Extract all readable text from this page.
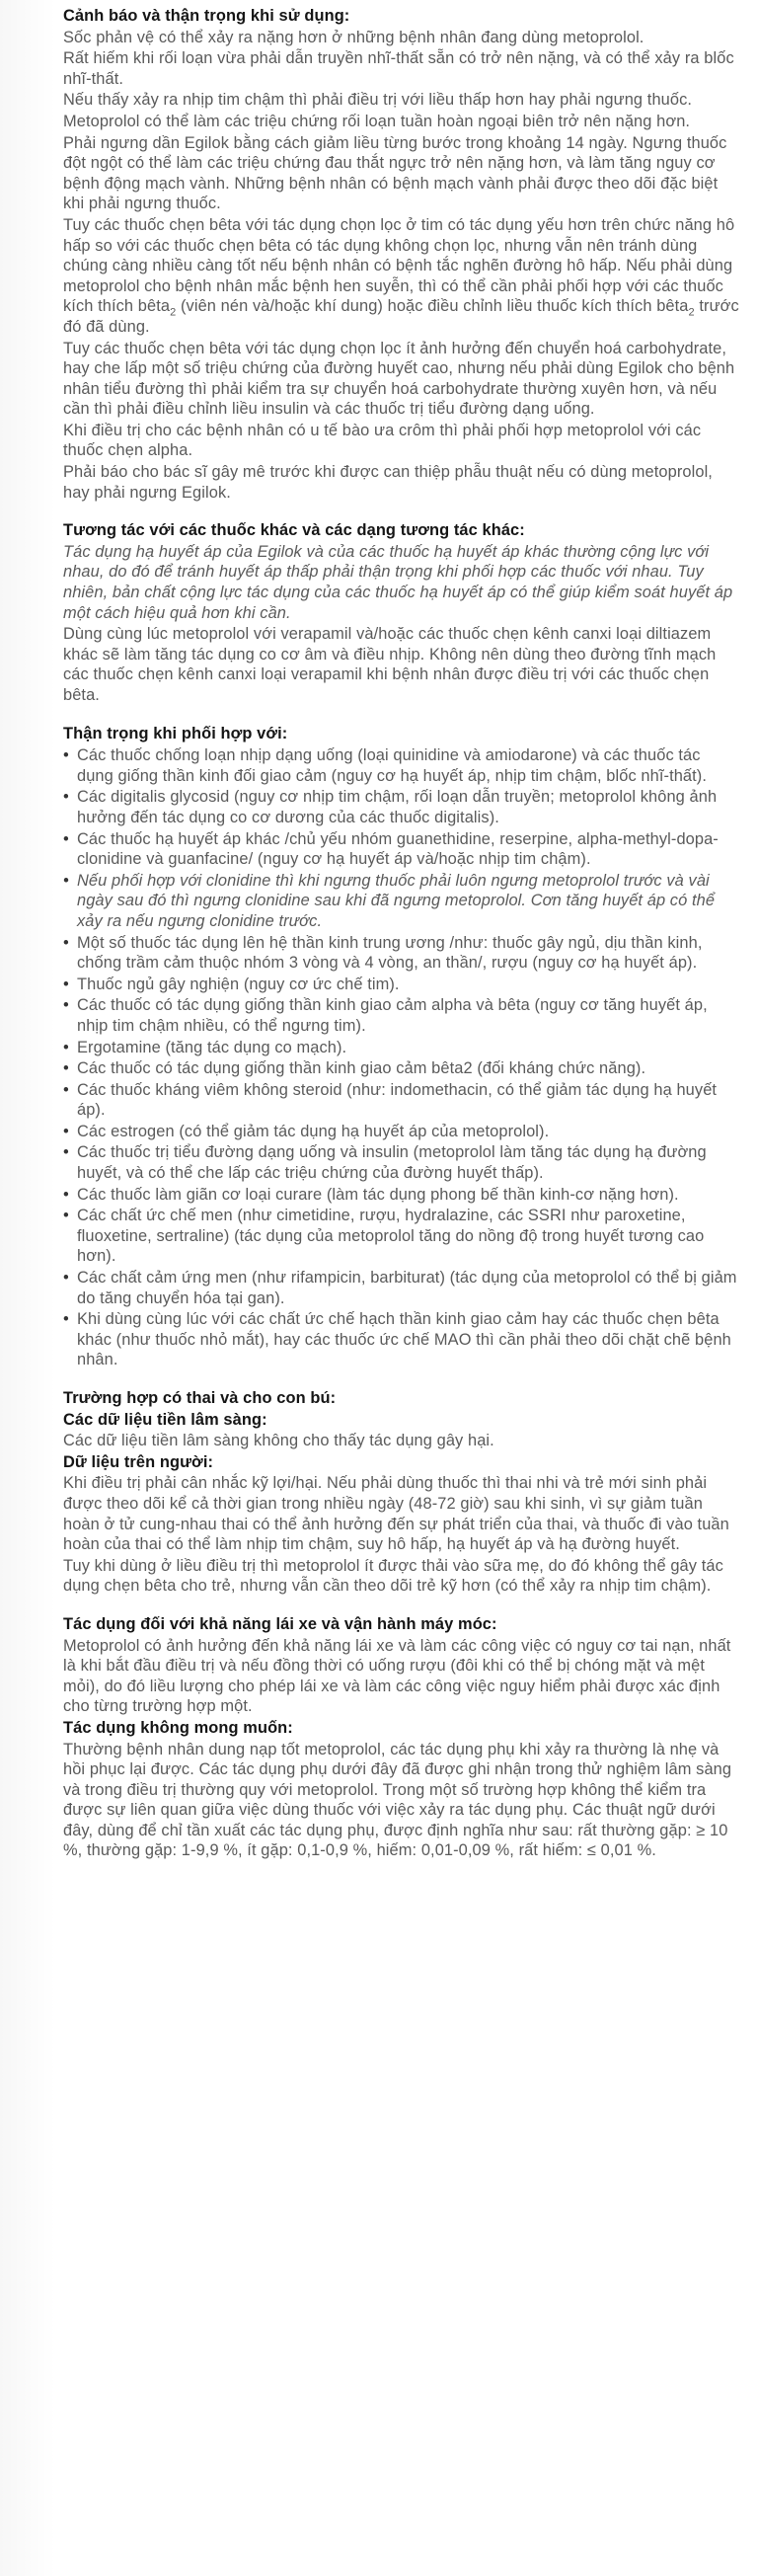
Cảnh báo và thận trọng khi sử dụng:

Sốc phản vệ có thể xảy ra nặng hơn ở những bệnh nhân đang dùng metoprolol.

Rất hiếm khi rối loạn vừa phải dẫn truyền nhĩ-thất sẵn có trở nên nặng, và có thể xảy ra blốc nhĩ-thất.

Nếu thấy xảy ra nhịp tim chậm thì phải điều trị với liều thấp hơn hay phải ngưng thuốc.

Metoprolol có thể làm các triệu chứng rối loạn tuần hoàn ngoại biên trở nên nặng hơn.

Phải ngưng dần Egilok bằng cách giảm liều từng bước trong khoảng 14 ngày. Ngưng thuốc đột ngột có thể làm các triệu chứng đau thắt ngực trở nên nặng hơn, và làm tăng nguy cơ bệnh động mạch vành. Những bệnh nhân có bệnh mạch vành phải được theo dõi đặc biệt khi phải ngưng thuốc.

Tuy các thuốc chẹn bêta với tác dụng chọn lọc ở tim có tác dụng yếu hơn trên chức năng hô hấp so với các thuốc chẹn bêta có tác dụng không chọn lọc, nhưng vẫn nên tránh dùng chúng càng nhiều càng tốt nếu bệnh nhân có bệnh tắc nghẽn đường hô hấp. Nếu phải dùng metoprolol cho bệnh nhân mắc bệnh hen suyễn, thì có thể cần phải phối hợp với các thuốc kích thích bêta$_2$ (viên nén và/hoặc khí dung) hoặc điều chỉnh liều thuốc kích thích bêta$_2$ trước đó đã dùng.

Tuy các thuốc chẹn bêta với tác dụng chọn lọc ít ảnh hưởng đến chuyển hoá carbohydrate, hay che lấp một số triệu chứng của đường huyết cao, nhưng nếu phải dùng Egilok cho bệnh nhân tiểu đường thì phải kiểm tra sự chuyển hoá carbohydrate thường xuyên hơn, và nếu cần thì phải điều chỉnh liều insulin và các thuốc trị tiểu đường dạng uống.

Khi điều trị cho các bệnh nhân có u tế bào ưa crôm thì phải phối hợp metoprolol với các thuốc chẹn alpha.

Phải báo cho bác sĩ gây mê trước khi được can thiệp phẫu thuật nếu có dùng metoprolol, hay phải ngưng Egilok.

Tương tác với các thuốc khác và các dạng tương tác khác:

Tác dụng hạ huyết áp của Egilok và của các thuốc hạ huyết áp khác thường cộng lực với nhau, do đó để tránh huyết áp thấp phải thận trọng khi phối hợp các thuốc với nhau. Tuy nhiên, bản chất cộng lực tác dụng của các thuốc hạ huyết áp có thể giúp kiểm soát huyết áp một cách hiệu quả hơn khi cần.

Dùng cùng lúc metoprolol với verapamil và/hoặc các thuốc chẹn kênh canxi loại diltiazem khác sẽ làm tăng tác dụng co cơ âm và điều nhịp. Không nên dùng theo đường tĩnh mạch các thuốc chẹn kênh canxi loại verapamil khi bệnh nhân được điều trị với các thuốc chẹn bêta.

Thận trọng khi phối hợp với:

• Các thuốc chống loạn nhịp dạng uống (loại quinidine và amiodarone) và các thuốc tác dụng giống thần kinh đối giao cảm (nguy cơ hạ huyết áp, nhịp tim chậm, blốc nhĩ-thất).
• Các digitalis glycosid (nguy cơ nhịp tim chậm, rối loạn dẫn truyền; metoprolol không ảnh hưởng đến tác dụng co cơ dương của các thuốc digitalis).
• Các thuốc hạ huyết áp khác /chủ yếu nhóm guanethidine, reserpine, alpha-methyl-dopa-clonidine và guanfacine/ (nguy cơ hạ huyết áp và/hoặc nhịp tim chậm).
• Nếu phối hợp với clonidine thì khi ngưng thuốc phải luôn ngưng metoprolol trước và vài ngày sau đó thì ngưng clonidine sau khi đã ngưng metoprolol. Cơn tăng huyết áp có thể xảy ra nếu ngưng clonidine trước.
• Một số thuốc tác dụng lên hệ thần kinh trung ương /như: thuốc gây ngủ, dịu thần kinh, chống trầm cảm thuộc nhóm 3 vòng và 4 vòng, an thần/, rượu (nguy cơ hạ huyết áp).
• Thuốc ngủ gây nghiện (nguy cơ ức chế tim).
• Các thuốc có tác dụng giống thần kinh giao cảm alpha và bêta (nguy cơ tăng huyết áp, nhịp tim chậm nhiều, có thể ngưng tim).
• Ergotamine (tăng tác dụng co mạch).
• Các thuốc có tác dụng giống thần kinh giao cảm bêta2 (đối kháng chức năng).
• Các thuốc kháng viêm không steroid (như: indomethacin, có thể giảm tác dụng hạ huyết áp).
• Các estrogen (có thể giảm tác dụng hạ huyết áp của metoprolol).
• Các thuốc trị tiểu đường dạng uống và insulin (metoprolol làm tăng tác dụng hạ đường huyết, và có thể che lấp các triệu chứng của đường huyết thấp).
• Các thuốc làm giãn cơ loại curare (làm tác dụng phong bế thần kinh-cơ nặng hơn).
• Các chất ức chế men (như cimetidine, rượu, hydralazine, các SSRI như paroxetine, fluoxetine, sertraline) (tác dụng của metoprolol tăng do nồng độ trong huyết tương cao hơn).
• Các chất cảm ứng men (như rifampicin, barbiturat) (tác dụng của metoprolol có thể bị giảm do tăng chuyển hóa tại gan).
• Khi dùng cùng lúc với các chất ức chế hạch thần kinh giao cảm hay các thuốc chẹn bêta khác (như thuốc nhỏ mắt), hay các thuốc ức chế MAO thì cần phải theo dõi chặt chẽ bệnh nhân.

Trường hợp có thai và cho con bú:

Các dữ liệu tiền lâm sàng:

Các dữ liệu tiền lâm sàng không cho thấy tác dụng gây hại.

Dữ liệu trên người:

Khi điều trị phải cân nhắc kỹ lợi/hại. Nếu phải dùng thuốc thì thai nhi và trẻ mới sinh phải được theo dõi kể cả thời gian trong nhiều ngày (48-72 giờ) sau khi sinh, vì sự giảm tuần hoàn ở tử cung-nhau thai có thể ảnh hưởng đến sự phát triển của thai, và thuốc đi vào tuần hoàn của thai có thể làm nhịp tim chậm, suy hô hấp, hạ huyết áp và hạ đường huyết.

Tuy khi dùng ở liều điều trị thì metoprolol ít được thải vào sữa mẹ, do đó không thể gây tác dụng chẹn bêta cho trẻ, nhưng vẫn cần theo dõi trẻ kỹ hơn (có thể xảy ra nhịp tim chậm).

Tác dụng đối với khả năng lái xe và vận hành máy móc:

Metoprolol có ảnh hưởng đến khả năng lái xe và làm các công việc có nguy cơ tai nạn, nhất là khi bắt đầu điều trị và nếu đồng thời có uống rượu (đôi khi có thể bị chóng mặt và mệt mỏi), do đó liều lượng cho phép lái xe và làm các công việc nguy hiểm phải được xác định cho từng trường hợp một.

Tác dụng không mong muốn:

Thường bệnh nhân dung nạp tốt metoprolol, các tác dụng phụ khi xảy ra thường là nhẹ và hồi phục lại được. Các tác dụng phụ dưới đây đã được ghi nhận trong thử nghiệm lâm sàng và trong điều trị thường quy với metoprolol. Trong một số trường hợp không thể kiểm tra được sự liên quan giữa việc dùng thuốc với việc xảy ra tác dụng phụ. Các thuật ngữ dưới đây, dùng để chỉ tần xuất các tác dụng phụ, được định nghĩa như sau: rất thường gặp: ≥ 10 %, thường gặp: 1-9,9 %, ít gặp: 0,1-0,9 %, hiếm: 0,01-0,09 %, rất hiếm: ≤ 0,01 %.
